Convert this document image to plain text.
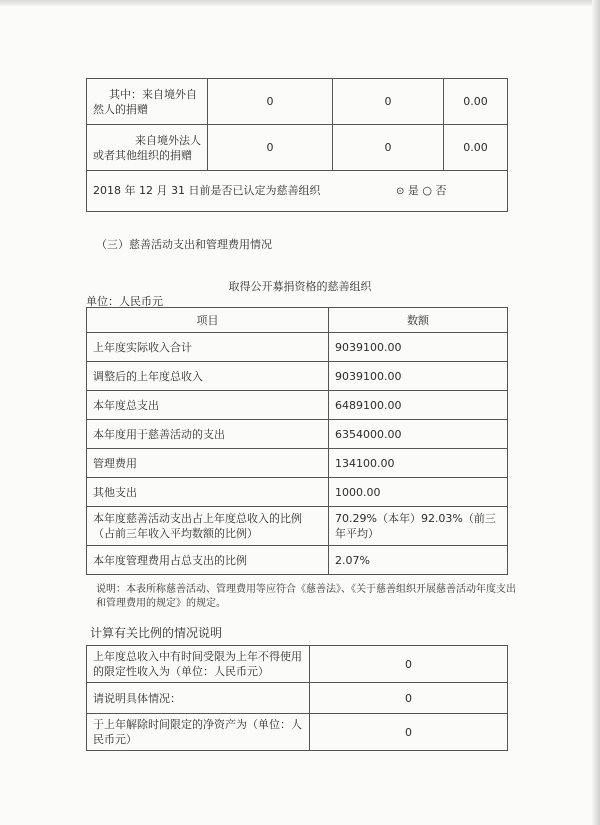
其中：来自境外自然人的捐赠	0	0	0.00
来自境外法人或者其他组织的捐赠	0	0	0.00
2018 年 12 月 31 日前是否已认定为慈善组织 ⊙ 是 ○ 否			
（三）慈善活动支出和管理费用情况
取得公开募捐资格的慈善组织
单位：人民币元
项目	数额
上年度实际收入合计	9039100.00
调整后的上年度总收入	9039100.00
本年度总支出	6489100.00
本年度用于慈善活动的支出	6354000.00
管理费用	134100.00
其他支出	1000.00
本年度慈善活动支出占上年度总收入的比例（占前三年收入平均数额的比例）	70.29%（本年）92.03%（前三年平均）
本年度管理费用占总支出的比例	2.07%
说明：本表所称慈善活动、管理费用等应符合《慈善法》、《关于慈善组织开展慈善活动年度支出和管理费用的规定》的规定。
计算有关比例的情况说明
上年度总收入中有时间受限为上年不得使用的限定性收入为（单位：人民币元）	0
请说明具体情况：	0
于上年解除时间限定的净资产为（单位：人民币元）	0
